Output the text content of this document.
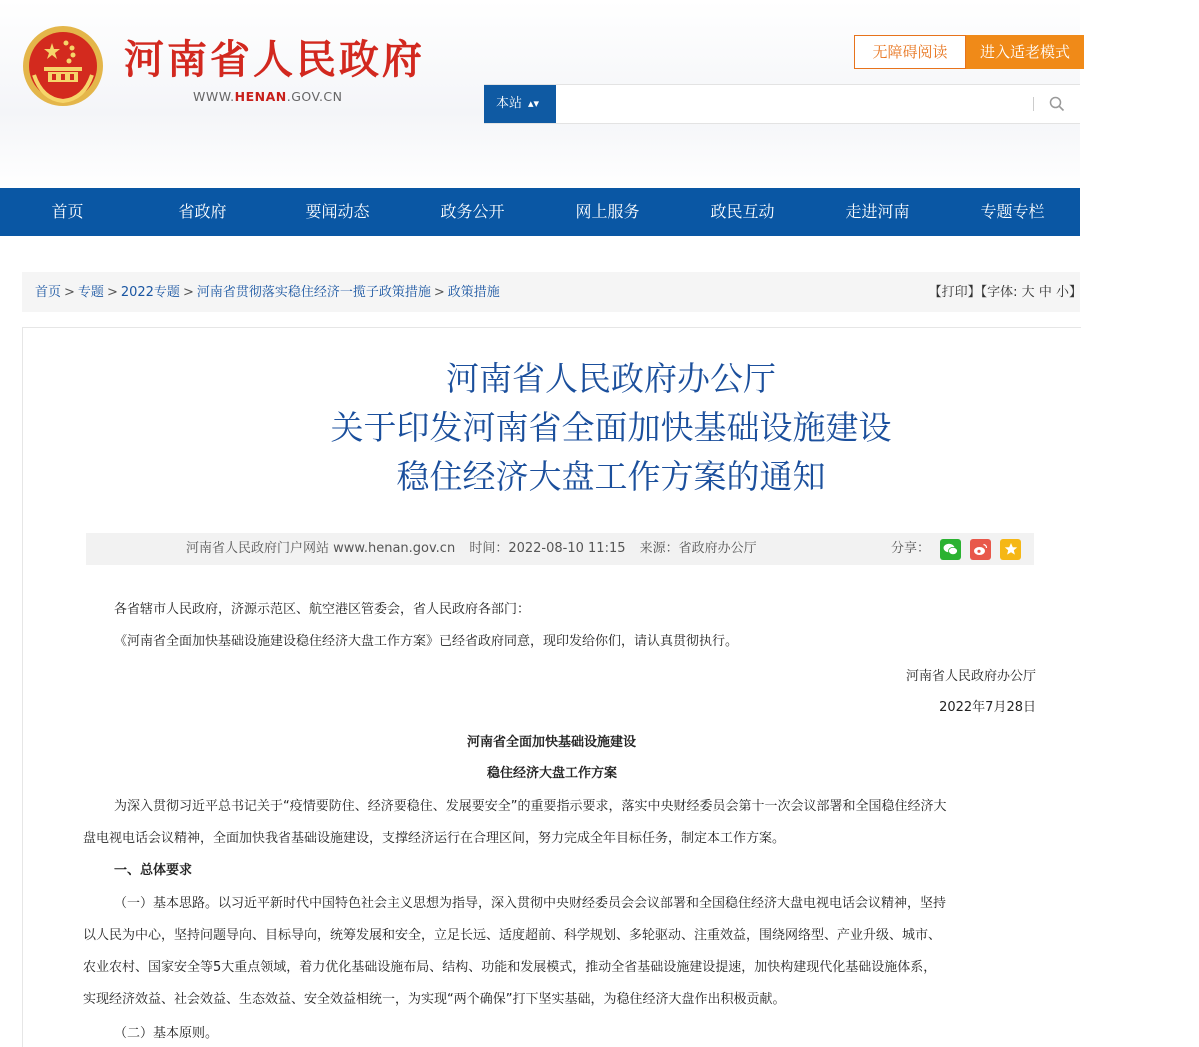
河南省人民政府
WWW.HENAN.GOV.CN
无障碍阅读	进入适老模式
本站 ▴▾
首页	省政府	要闻动态	政务公开	网上服务	政民互动	走进河南	专题专栏
首页 > 专题 > 2022专题 > 河南省贯彻落实稳住经济一揽子政策措施 > 政策措施	【打印】【字体: 大 中 小】
河南省人民政府办公厅
关于印发河南省全面加快基础设施建设
稳住经济大盘工作方案的通知
河南省人民政府门户网站 www.henan.gov.cn 时间：2022-08-10 11:15 来源：省政府办公厅	分享：
各省辖市人民政府，济源示范区、航空港区管委会，省人民政府各部门：
《河南省全面加快基础设施建设稳住经济大盘工作方案》已经省政府同意，现印发给你们，请认真贯彻执行。
河南省人民政府办公厅
2022年7月28日
河南省全面加快基础设施建设
稳住经济大盘工作方案
为深入贯彻习近平总书记关于“疫情要防住、经济要稳住、发展要安全”的重要指示要求，落实中央财经委员会第十一次会议部署和全国稳住经济大
盘电视电话会议精神，全面加快我省基础设施建设，支撑经济运行在合理区间，努力完成全年目标任务，制定本工作方案。
一、总体要求
（一）基本思路。以习近平新时代中国特色社会主义思想为指导，深入贯彻中央财经委员会会议部署和全国稳住经济大盘电视电话会议精神，坚持
以人民为中心，坚持问题导向、目标导向，统筹发展和安全，立足长远、适度超前、科学规划、多轮驱动、注重效益，围绕网络型、产业升级、城市、
农业农村、国家安全等5大重点领域，着力优化基础设施布局、结构、功能和发展模式，推动全省基础设施建设提速，加快构建现代化基础设施体系，
实现经济效益、社会效益、生态效益、安全效益相统一，为实现“两个确保”打下坚实基础，为稳住经济大盘作出积极贡献。
（二）基本原则。
